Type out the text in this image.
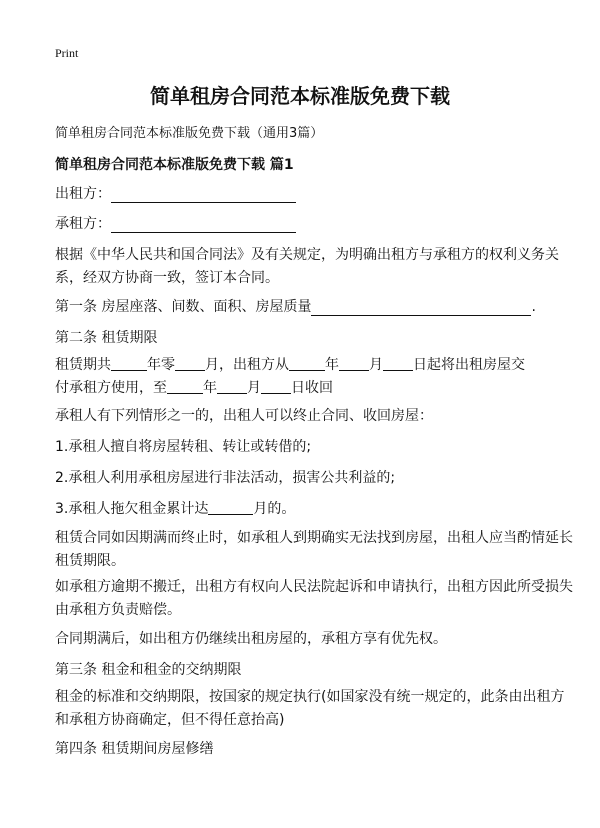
Print
简单租房合同范本标准版免费下载
简单租房合同范本标准版免费下载（通用3篇）
简单租房合同范本标准版免费下载 篇1
出租方：
承租方：
根据《中华人民共和国合同法》及有关规定，为明确出租方与承租方的权利义务关系，经双方协商一致，签订本合同。
第一条 房屋座落、间数、面积、房屋质量	.
第二条 租赁期限
租赁期共	年零 月，出租方从	年 月 日起将出租房屋交
付承租方使用，至	年 月 日收回
承租人有下列情形之一的，出租人可以终止合同、收回房屋：
1.承租人擅自将房屋转租、转让或转借的;
2.承租人利用承租房屋进行非法活动，损害公共利益的;
3.承租人拖欠租金累计达	月的。
租赁合同如因期满而终止时，如承租人到期确实无法找到房屋，出租人应当酌情延长租赁期限。
如承租方逾期不搬迁，出租方有权向人民法院起诉和申请执行，出租方因此所受损失由承租方负责赔偿。
合同期满后，如出租方仍继续出租房屋的，承租方享有优先权。
第三条 租金和租金的交纳期限
租金的标准和交纳期限，按国家的规定执行(如国家没有统一规定的，此条由出租方和承租方协商确定，但不得任意抬高)
第四条 租赁期间房屋修缮
